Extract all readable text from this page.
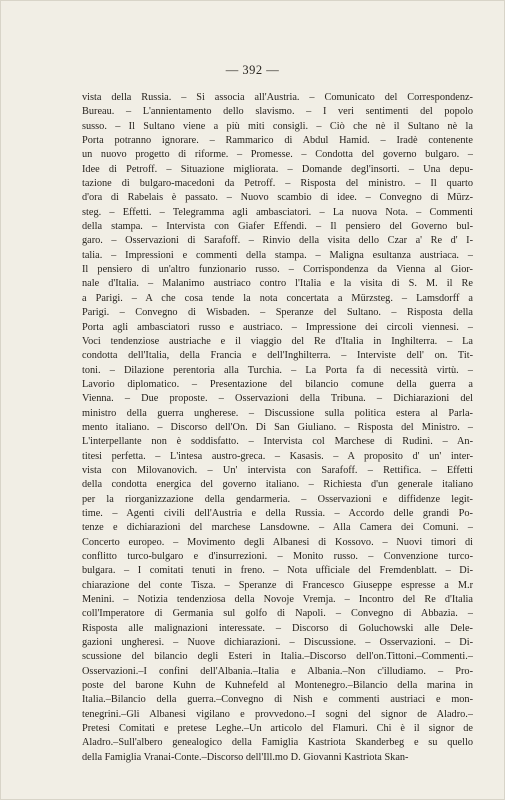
— 392 —
vista della Russia. – Si associa all'Austria. – Comunicato del Correspondenz-
Bureau. – L'annientamento dello slavismo. – I veri sentimenti del popolo
susso. – Il Sultano viene a più miti consigli. – Ciò che nè il Sultano nè la
Porta potranno ignorare. – Rammarico di Abdul Hamid. – Iradè contenente
un nuovo progetto di riforme. – Promesse. – Condotta del governo bulgaro. –
Idee di Petroff. – Situazione migliorata. – Domande degl'insorti. – Una depu-
tazione di bulgaro-macedoni da Petroff. – Risposta del ministro. – Il quarto
d'ora di Rabelais è passato. – Nuovo scambio di idee. – Convegno di Mürz-
steg. – Effetti. – Telegramma agli ambasciatori. – La nuova Nota. – Commenti
della stampa. – Intervista con Giafer Effendi. – Il pensiero del Governo bul-
garo. – Osservazioni di Sarafoff. – Rinvio della visita dello Czar a' Re d' I-
talia. – Impressioni e commenti della stampa. – Maligna esultanza austriaca. –
Il pensiero di un'altro funzionario russo. – Corrispondenza da Vienna al Gior-
nale d'Italia. – Malanimo austriaco contro l'Italia e la visita di S. M. il Re
a Parigi. – A che cosa tende la nota concertata a Mürzsteg. – Lamsdorff a
Parigi. – Convegno di Wisbaden. – Speranze del Sultano. – Risposta della
Porta agli ambasciatori russo e austriaco. – Impressione dei circoli viennesi. –
Voci tendenziose austriache e il viaggio del Re d'Italia in Inghilterra. – La
condotta dell'Italia, della Francia e dell'Inghilterra. – Interviste dell' on. Tit-
toni. – Dilazione perentoria alla Turchia. – La Porta fa di necessità virtù. –
Lavorio diplomatico. – Presentazione del bilancio comune della guerra a
Vienna. – Due proposte. – Osservazioni della Tribuna. – Dichiarazioni del
ministro della guerra ungherese. – Discussione sulla politica estera al Parla-
mento italiano. – Discorso dell'On. Di San Giuliano. – Risposta del Ministro. –
L'interpellante non è soddisfatto. – Intervista col Marchese di Rudinì. – An-
titesi perfetta. – L'intesa austro-greca. – Kasasis. – A proposito d' un' inter-
vista con Milovanovich. – Un' intervista con Sarafoff. – Rettifica. – Effetti
della condotta energica del governo italiano. – Richiesta d'un generale italiano
per la riorganizzazione della gendarmeria. – Osservazioni e diffidenze legit-
time. – Agenti civili dell'Austria e della Russia. – Accordo delle grandi Po-
tenze e dichiarazioni del marchese Lansdowne. – Alla Camera dei Comuni. –
Concerto europeo. – Movimento degli Albanesi di Kossovo. – Nuovi timori di
conflitto turco-bulgaro e d'insurrezioni. – Monito russo. – Convenzione turco-
bulgara. – I comitati tenuti in freno. – Nota ufficiale del Fremdenblatt. – Di-
chiarazione del conte Tisza. – Speranze di Francesco Giuseppe espresse a M.r
Menini. – Notizia tendenziosa della Novoje Vremja. – Incontro del Re d'Italia
coll'Imperatore di Germania sul golfo di Napoli. – Convegno di Abbazia. –
Risposta alle malignazioni interessate. – Discorso di Goluchowski alle Dele-
gazioni ungheresi. – Nuove dichiarazioni. – Discussione. – Osservazioni. – Di-
scussione del bilancio degli Esteri in Italia.–Discorso dell'on.Tittoni.–Commenti.–
Osservazioni.–I confini dell'Albania.–Italia e Albania.–Non c'illudiamo. – Pro-
poste del barone Kuhn de Kuhnefeld al Montenegro.–Bilancio della marina in
Italia.–Bilancio della guerra.–Convegno di Nish e commenti austriaci e mon-
tenegrini.–Gli Albanesi vigilano e provvedono.–I sogni del signor de Aladro.–
Pretesi Comitati e pretese Leghe.–Un articolo del Flamuri. Chi è il signor de
Aladro.–Sull'albero genealogico della Famiglia Kastriota Skanderbeg e su quello
della Famiglia Vranai-Conte.–Discorso dell'Ill.mo D. Giovanni Kastriota Skan-
